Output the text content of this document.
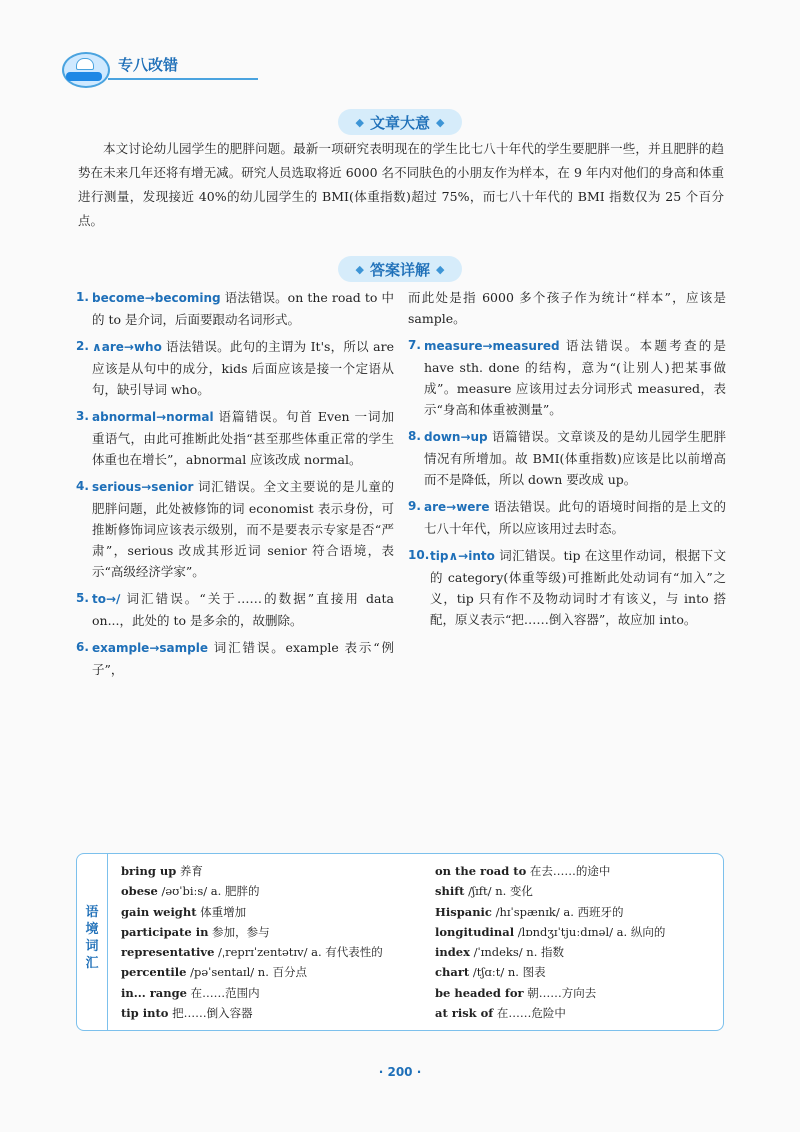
专八改错
◆ 文章大意 ◆

本文讨论幼儿园学生的肥胖问题。最新一项研究表明现在的学生比七八十年代的学生要肥胖一些，并且肥胖的趋势在未来几年还将有增无减。研究人员选取将近 6000 名不同肤色的小朋友作为样本，在 9 年内对他们的身高和体重进行测量，发现接近 40%的幼儿园学生的 BMI(体重指数)超过 75%，而七八十年代的 BMI 指数仅为 25 个百分点。

◆ 答案详解 ◆
1. become→becoming 语法错误。on the road to 中的 to 是介词，后面要跟动名词形式。
2. ∧are→who 语法错误。此句的主谓为 It's，所以 are 应该是从句中的成分，kids 后面应该是接一个定语从句，缺引导词 who。
3. abnormal→normal 语篇错误。句首 Even 一词加重语气，由此可推断此处指“甚至那些体重正常的学生体重也在增长”，abnormal 应该改成 normal。
4. serious→senior 词汇错误。全文主要说的是儿童的肥胖问题，此处被修饰的词 economist 表示身份，可推断修饰词应该表示级别，而不是要表示专家是否“严肃”，serious 改成其形近词 senior 符合语境，表示“高级经济学家”。
5. to→∕ 词汇错误。“关于……的数据”直接用 data on...，此处的 to 是多余的，故删除。
6. example→sample 词汇错误。example 表示“例子”，
而此处是指 6000 多个孩子作为统计“样本”，应该是 sample。
7. measure→measured 语法错误。本题考查的是 have sth. done 的结构，意为“(让别人)把某事做成”。measure 应该用过去分词形式 measured，表示“身高和体重被测量”。
8. down→up 语篇错误。文章谈及的是幼儿园学生肥胖情况有所增加。故 BMI(体重指数)应该是比以前增高而不是降低，所以 down 要改成 up。
9. are→were 语法错误。此句的语境时间指的是上文的七八十年代，所以应该用过去时态。
10. tip∧→into 词汇错误。tip 在这里作动词，根据下文的 category(体重等级)可推断此处动词有“加入”之义，tip 只有作不及物动词时才有该义，与 into 搭配，原义表示“把……倒入容器”，故应加 into。
语境词汇
bring up 养育
obese /əʊˈbiːs/ a. 肥胖的
gain weight 体重增加
participate in 参加，参与
representative /ˌreprɪˈzentətɪv/ a. 有代表性的
percentile /pəˈsentaɪl/ n. 百分点
in... range 在……范围内
tip into 把……倒入容器
on the road to 在去……的途中
shift /ʃɪft/ n. 变化
Hispanic /hɪˈspænɪk/ a. 西班牙的
longitudinal /lɒndʒɪˈtjuːdɪnəl/ a. 纵向的
index /ˈɪndeks/ n. 指数
chart /tʃɑːt/ n. 图表
be headed for 朝……方向去
at risk of 在……危险中
· 200 ·
